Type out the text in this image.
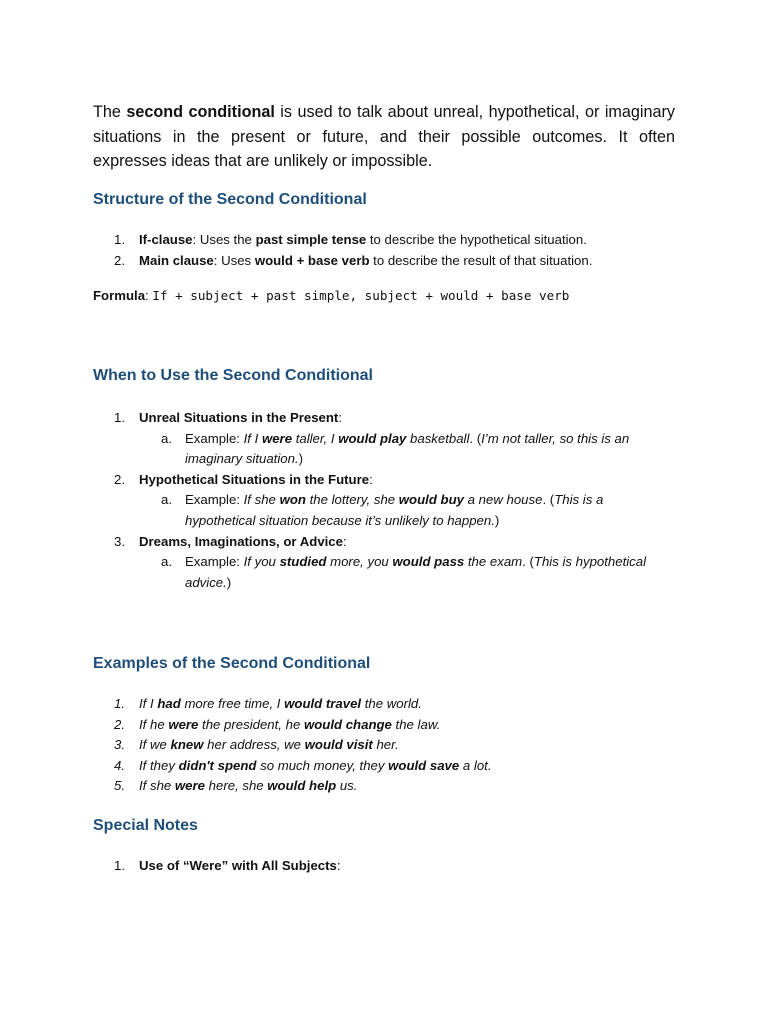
The second conditional is used to talk about unreal, hypothetical, or imaginary situations in the present or future, and their possible outcomes. It often expresses ideas that are unlikely or impossible.

Structure of the Second Conditional
1. If-clause: Uses the past simple tense to describe the hypothetical situation.
2. Main clause: Uses would + base verb to describe the result of that situation.
Formula: If + subject + past simple, subject + would + base verb
When to Use the Second Conditional
1. Unreal Situations in the Present:
a. Example: If I were taller, I would play basketball. (I’m not taller, so this is an imaginary situation.)
2. Hypothetical Situations in the Future:
a. Example: If she won the lottery, she would buy a new house. (This is a hypothetical situation because it’s unlikely to happen.)
3. Dreams, Imaginations, or Advice:
a. Example: If you studied more, you would pass the exam. (This is hypothetical advice.)
Examples of the Second Conditional
1. If I had more free time, I would travel the world.
2. If he were the president, he would change the law.
3. If we knew her address, we would visit her.
4. If they didn't spend so much money, they would save a lot.
5. If she were here, she would help us.
Special Notes
1. Use of “Were” with All Subjects:
